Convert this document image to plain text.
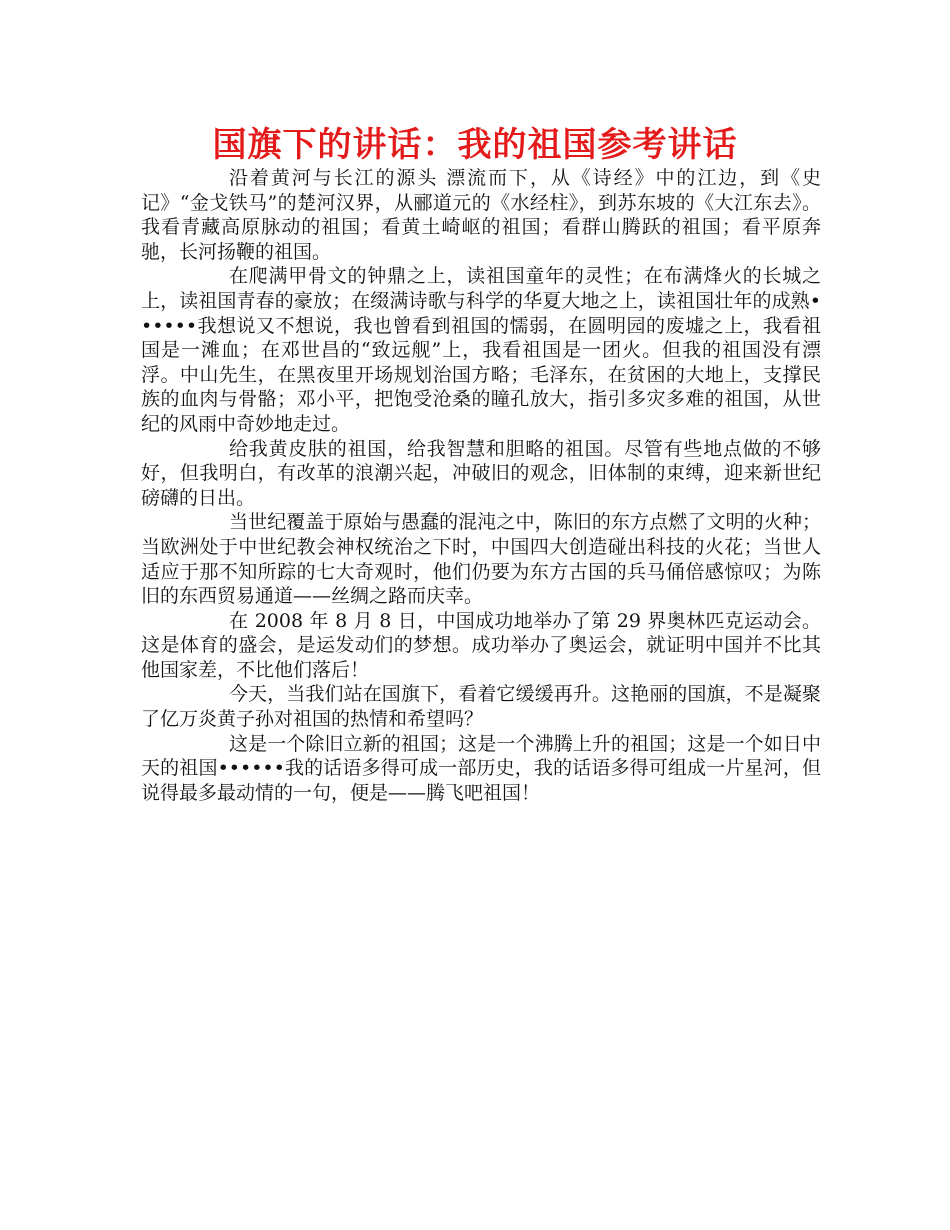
国旗下的讲话：我的祖国参考讲话

沿着黄河与长江的源头 漂流而下，从《诗经》中的江边，到《史记》“金戈铁马”的楚河汉界，从郦道元的《水经柱》，到苏东坡的《大江东去》。我看青藏高原脉动的祖国；看黄土崎岖的祖国；看群山腾跃的祖国；看平原奔驰，长河扬鞭的祖国。

在爬满甲骨文的钟鼎之上，读祖国童年的灵性；在布满烽火的长城之上，读祖国青春的豪放；在缀满诗歌与科学的华夏大地之上，读祖国壮年的成熟••••••我想说又不想说，我也曾看到祖国的懦弱，在圆明园的废墟之上，我看祖国是一滩血；在邓世昌的“致远舰”上，我看祖国是一团火。但我的祖国没有漂浮。中山先生，在黑夜里开场规划治国方略；毛泽东，在贫困的大地上，支撑民族的血肉与骨骼；邓小平，把饱受沧桑的瞳孔放大，指引多灾多难的祖国，从世纪的风雨中奇妙地走过。

给我黄皮肤的祖国，给我智慧和胆略的祖国。尽管有些地点做的不够好，但我明白，有改革的浪潮兴起，冲破旧的观念，旧体制的束缚，迎来新世纪磅礴的日出。

当世纪覆盖于原始与愚蠢的混沌之中，陈旧的东方点燃了文明的火种；当欧洲处于中世纪教会神权统治之下时，中国四大创造碰出科技的火花；当世人适应于那不知所踪的七大奇观时，他们仍要为东方古国的兵马俑倍感惊叹；为陈旧的东西贸易通道——丝绸之路而庆幸。

在 2008 年 8 月 8 日，中国成功地举办了第 29 界奥林匹克运动会。这是体育的盛会，是运发动们的梦想。成功举办了奥运会，就证明中国并不比其他国家差，不比他们落后！

今天，当我们站在国旗下，看着它缓缓再升。这艳丽的国旗，不是凝聚了亿万炎黄子孙对祖国的热情和希望吗？

这是一个除旧立新的祖国；这是一个沸腾上升的祖国；这是一个如日中天的祖国••••••我的话语多得可成一部历史，我的话语多得可组成一片星河，但说得最多最动情的一句，便是——腾飞吧祖国！
